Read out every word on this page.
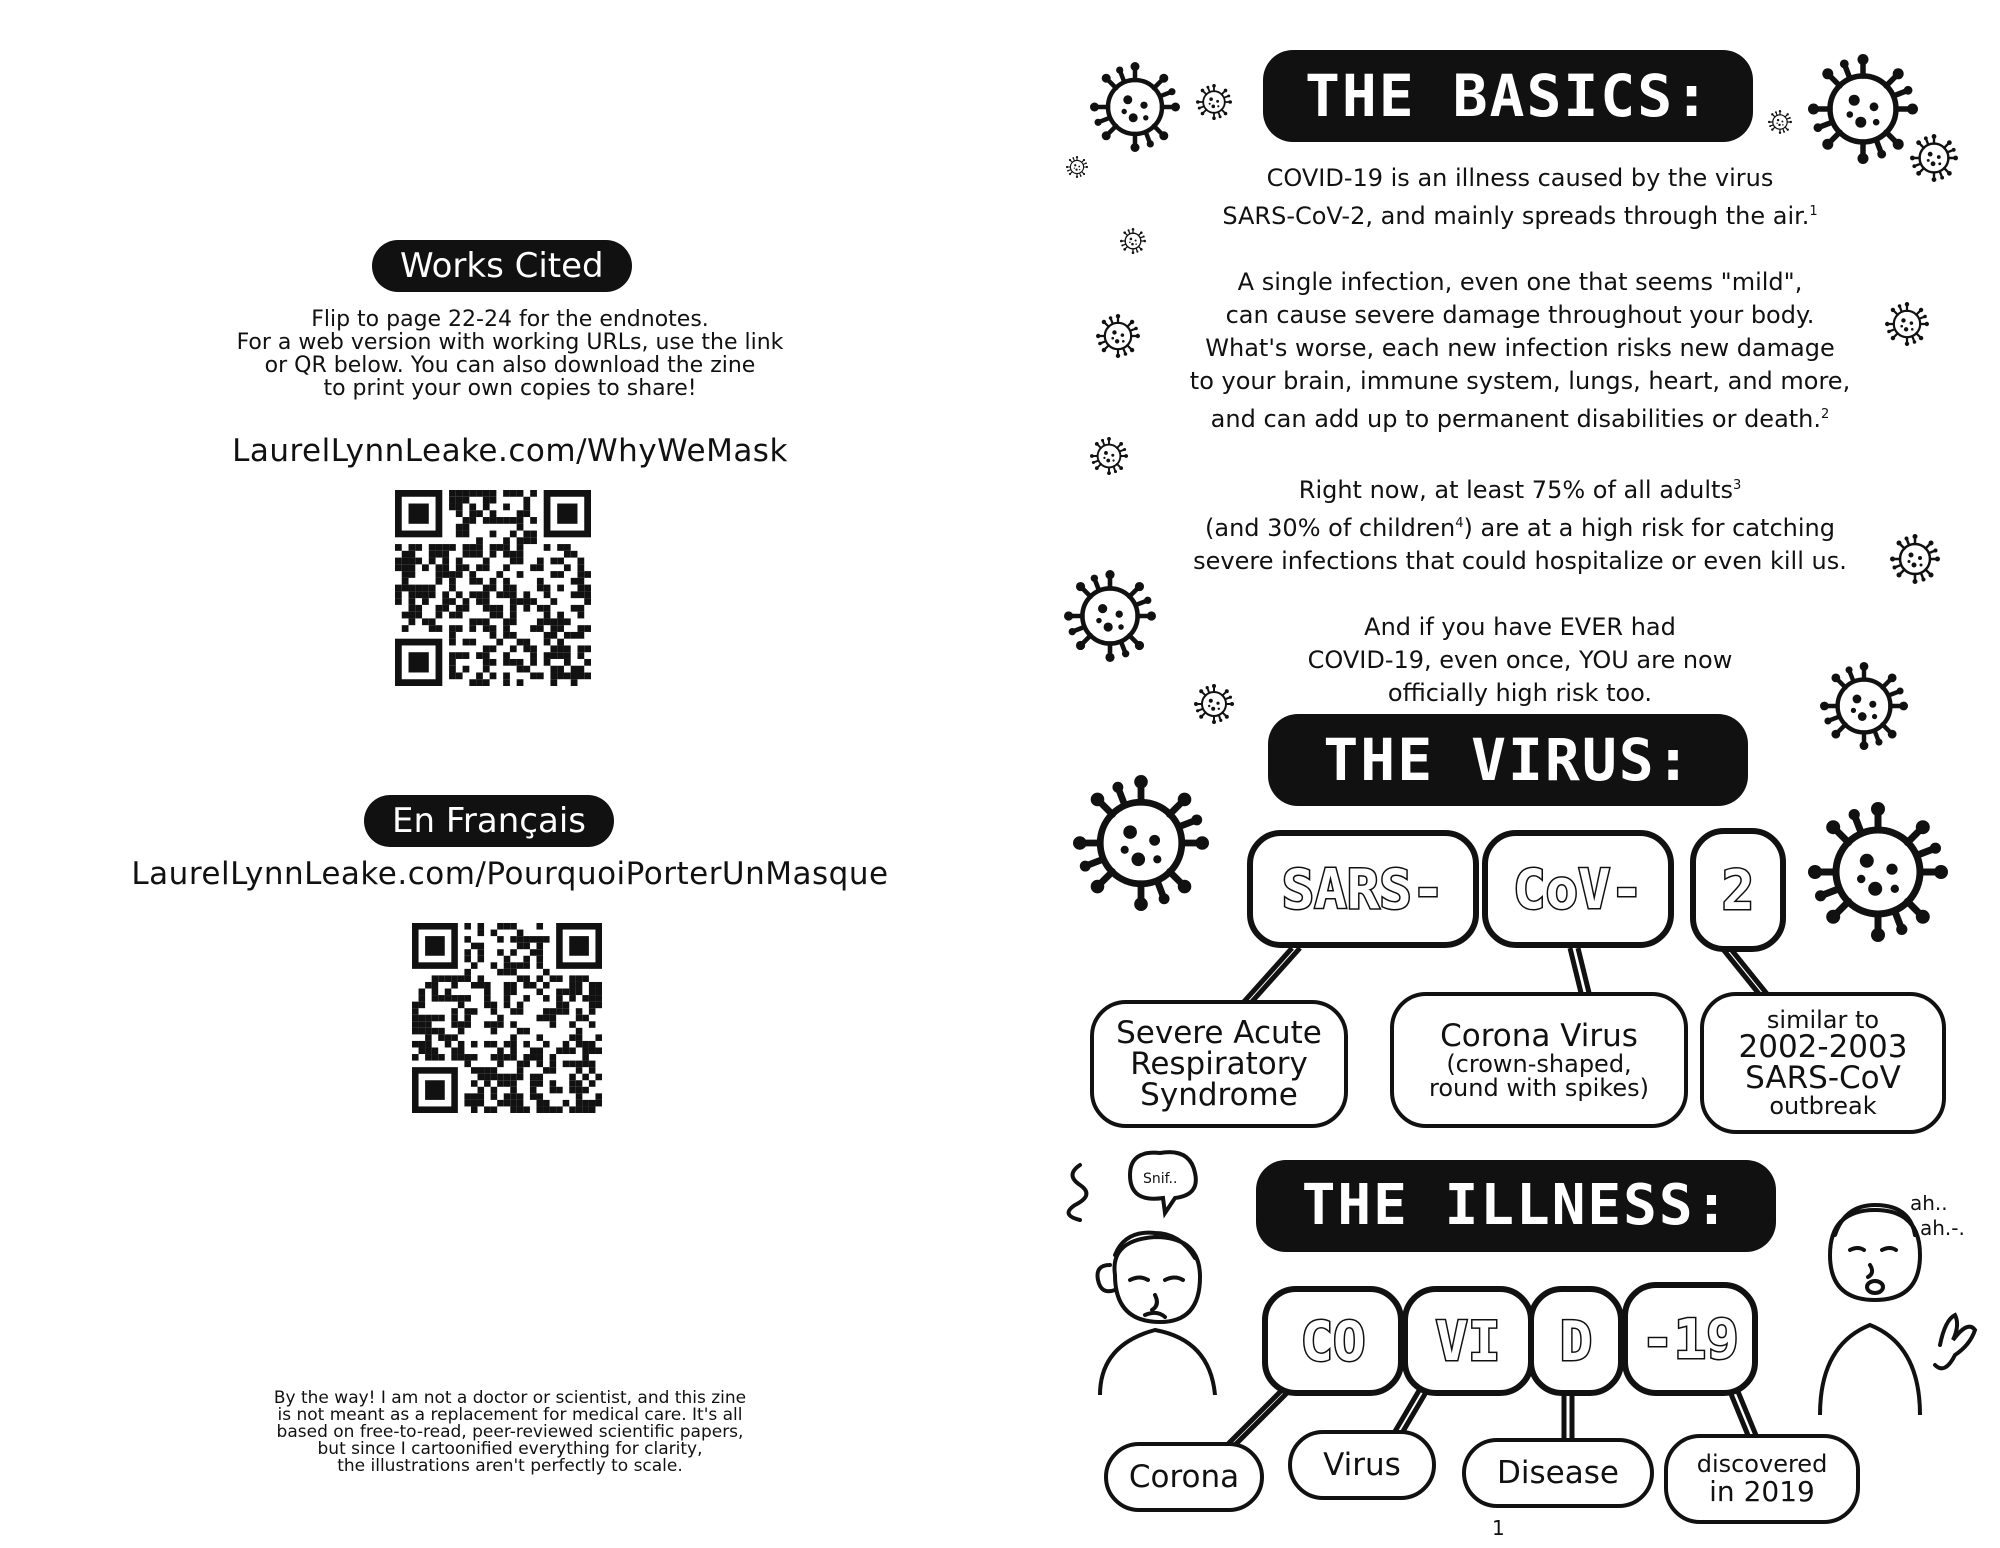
Works Cited
Flip to page 22-24 for the endnotes.
For a web version with working URLs, use the link
or QR below. You can also download the zine
to print your own copies to share!
LaurelLynnLeake.com/WhyWeMask
En Français
LaurelLynnLeake.com/PourquoiPorterUnMasque
By the way! I am not a doctor or scientist, and this zine
is not meant as a replacement for medical care. It's all
based on free-to-read, peer-reviewed scientific papers,
but since I cartoonified everything for clarity,
the illustrations aren't perfectly to scale.
THE BASICS:
COVID-19 is an illness caused by the virus
SARS-CoV-2, and mainly spreads through the air.$^1$
A single infection, even one that seems "mild",
can cause severe damage throughout your body.
What's worse, each new infection risks new damage
to your brain, immune system, lungs, heart, and more,
and can add up to permanent disabilities or death.$^2$
Right now, at least 75% of all adults$^3$
(and 30% of children$^4$) are at a high risk for catching
severe infections that could hospitalize or even kill us.
And if you have EVER had
COVID-19, even once, YOU are now
officially high risk too.
THE VIRUS:
SARS- CoV- 2
Severe Acute
Respiratory
Syndrome
Corona Virus
(crown-shaped,
round with spikes)
similar to
2002-2003
SARS-CoV
outbreak
THE ILLNESS:
Snif..
ah..
ah.-.
CO VI D -19
Corona	Virus	Disease	discovered
in 2019
1
